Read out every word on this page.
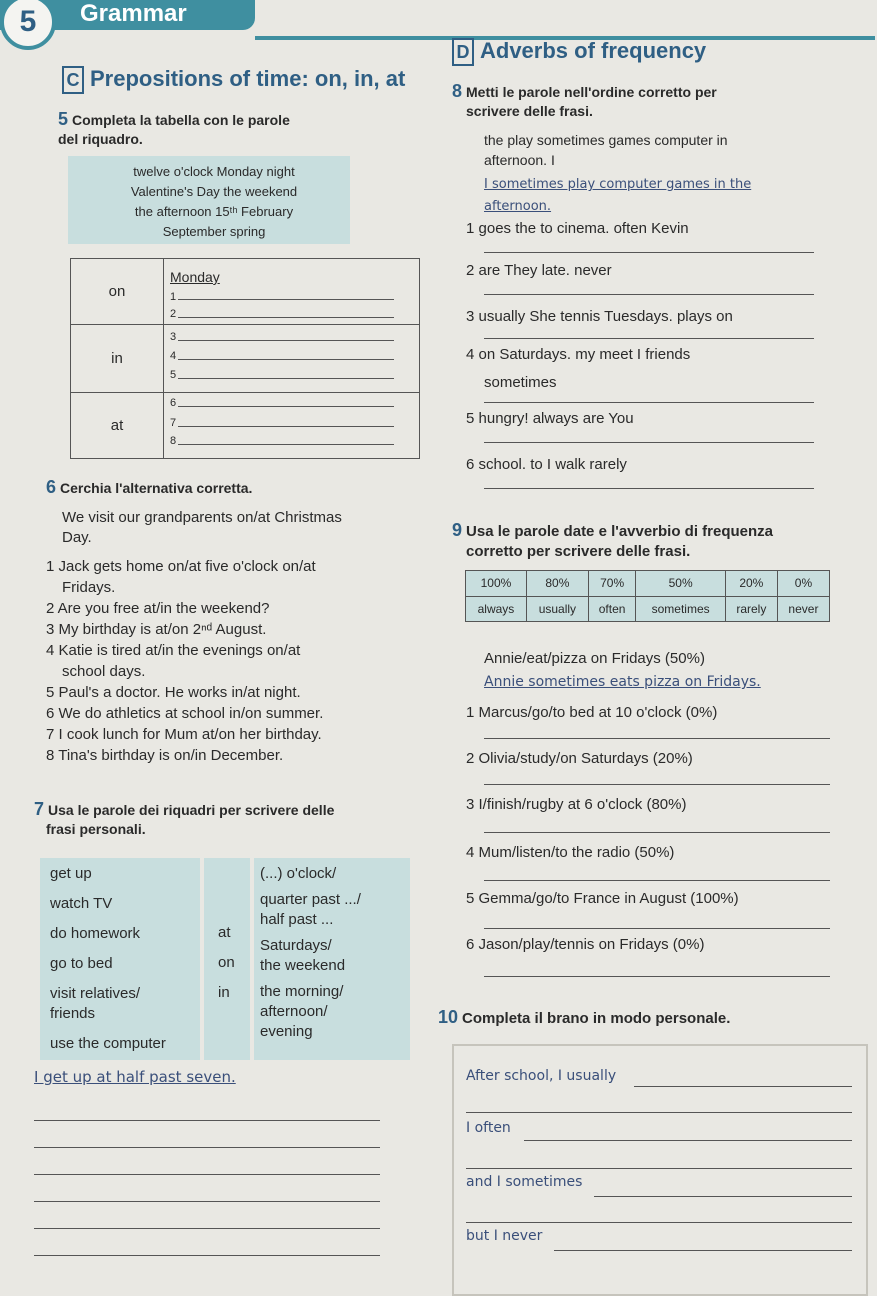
5	Grammar
C Prepositions of time: on, in, at
D Adverbs of frequency
5 Completa la tabella con le parole
del riquadro.
twelve o'clock Monday night
Valentine's Day the weekend
the afternoon 15ᵗʰ February
September spring
on	Monday
1
2

in	3
4
5

at	6
7
8
6 Cerchia l'alternativa corretta.
We visit our grandparents on/at Christmas
Day.
1 Jack gets home on/at five o'clock on/at
Fridays.
2 Are you free at/in the weekend?
3 My birthday is at/on 2ⁿᵈ August.
4 Katie is tired at/in the evenings on/at
school days.
5 Paul's a doctor. He works in/at night.
6 We do athletics at school in/on summer.
7 I cook lunch for Mum at/on her birthday.
8 Tina's birthday is on/in December.
7 Usa le parole dei riquadri per scrivere delle
frasi personali.
get up
watch TV
do homework
go to bed
visit relatives/
friends
use the computer
at
on
in
(...) o'clock/
quarter past .../
half past ...
Saturdays/
the weekend
the morning/
afternoon/
evening
I get up at half past seven.
8 Metti le parole nell'ordine corretto per
scrivere delle frasi.
the play sometimes games computer in
afternoon. I
I sometimes play computer games in the
afternoon.
1 goes the to cinema. often Kevin
2 are They late. never
3 usually She tennis Tuesdays. plays on
4 on Saturdays. my meet I friends
sometimes
5 hungry! always are You
6 school. to I walk rarely
9 Usa le parole date e l'avverbio di frequenza
corretto per scrivere delle frasi.
100%	80%	70%	50%	20%	0%
always	usually	often	sometimes	rarely	never
Annie/eat/pizza on Fridays (50%)
Annie sometimes eats pizza on Fridays.
1 Marcus/go/to bed at 10 o'clock (0%)
2 Olivia/study/on Saturdays (20%)
3 I/finish/rugby at 6 o'clock (80%)
4 Mum/listen/to the radio (50%)
5 Gemma/go/to France in August (100%)
6 Jason/play/tennis on Fridays (0%)
10 Completa il brano in modo personale.
After school, I usually
I often
and I sometimes
but I never
